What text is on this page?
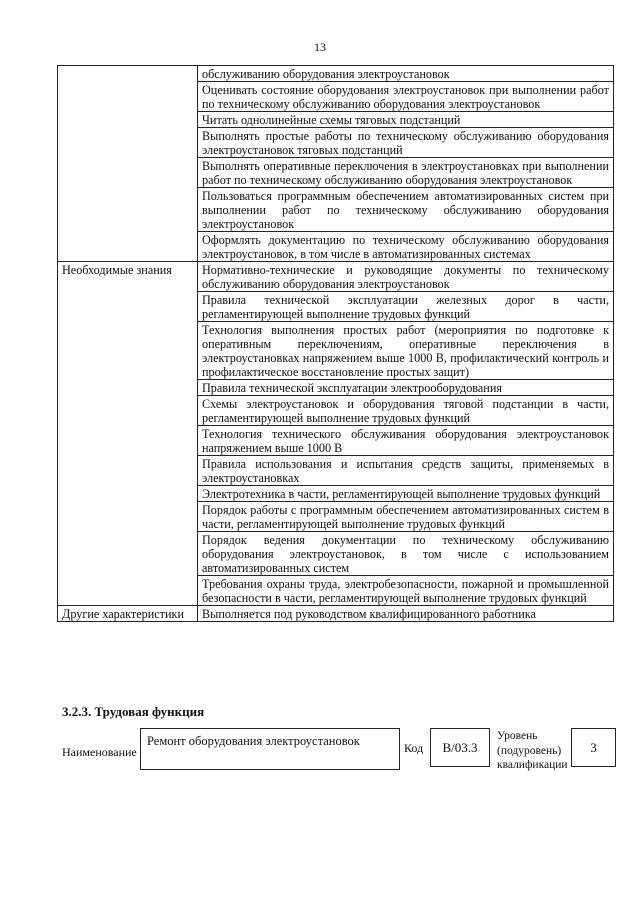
13
	обслуживанию оборудования электроустановок
	Оценивать состояние оборудования электроустановок при выполнении работ по техническому обслуживанию оборудования электроустановок
	Читать однолинейные схемы тяговых подстанций
	Выполнять простые работы по техническому обслуживанию оборудования электроустановок тяговых подстанций
	Выполнять оперативные переключения в электроустановках при выполнении работ по техническому обслуживанию оборудования электроустановок
	Пользоваться программным обеспечением автоматизированных систем при выполнении работ по техническому обслуживанию оборудования электроустановок
	Оформлять документацию по техническому обслуживанию оборудования электроустановок, в том числе в автоматизированных системах
Необходимые знания	Нормативно-технические и руководящие документы по техническому обслуживанию оборудования электроустановок
	Правила технической эксплуатации железных дорог в части, регламентирующей выполнение трудовых функций
	Технология выполнения простых работ (мероприятия по подготовке к оперативным переключениям, оперативные переключения в электроустановках напряжением выше 1000 В, профилактический контроль и профилактическое восстановление простых защит)
	Правила технической эксплуатации электрооборудования
	Схемы электроустановок и оборудования тяговой подстанции в части, регламентирующей выполнение трудовых функций
	Технология технического обслуживания оборудования электроустановок напряжением выше 1000 В
	Правила использования и испытания средств защиты, применяемых в электроустановках
	Электротехника в части, регламентирующей выполнение трудовых функций
	Порядок работы с программным обеспечением автоматизированных систем в части, регламентирующей выполнение трудовых функций
	Порядок ведения документации по техническому обслуживанию оборудования электроустановок, в том числе с использованием автоматизированных систем
	Требования охраны труда, электробезопасности, пожарной и промышленной безопасности в части, регламентирующей выполнение трудовых функций
Другие характеристики	Выполняется под руководством квалифицированного работника
3.2.3. Трудовая функция
Наименование
Ремонт оборудования электроустановок	Код	В/03.3
Уровень
(подуровень)
квалификации
3
